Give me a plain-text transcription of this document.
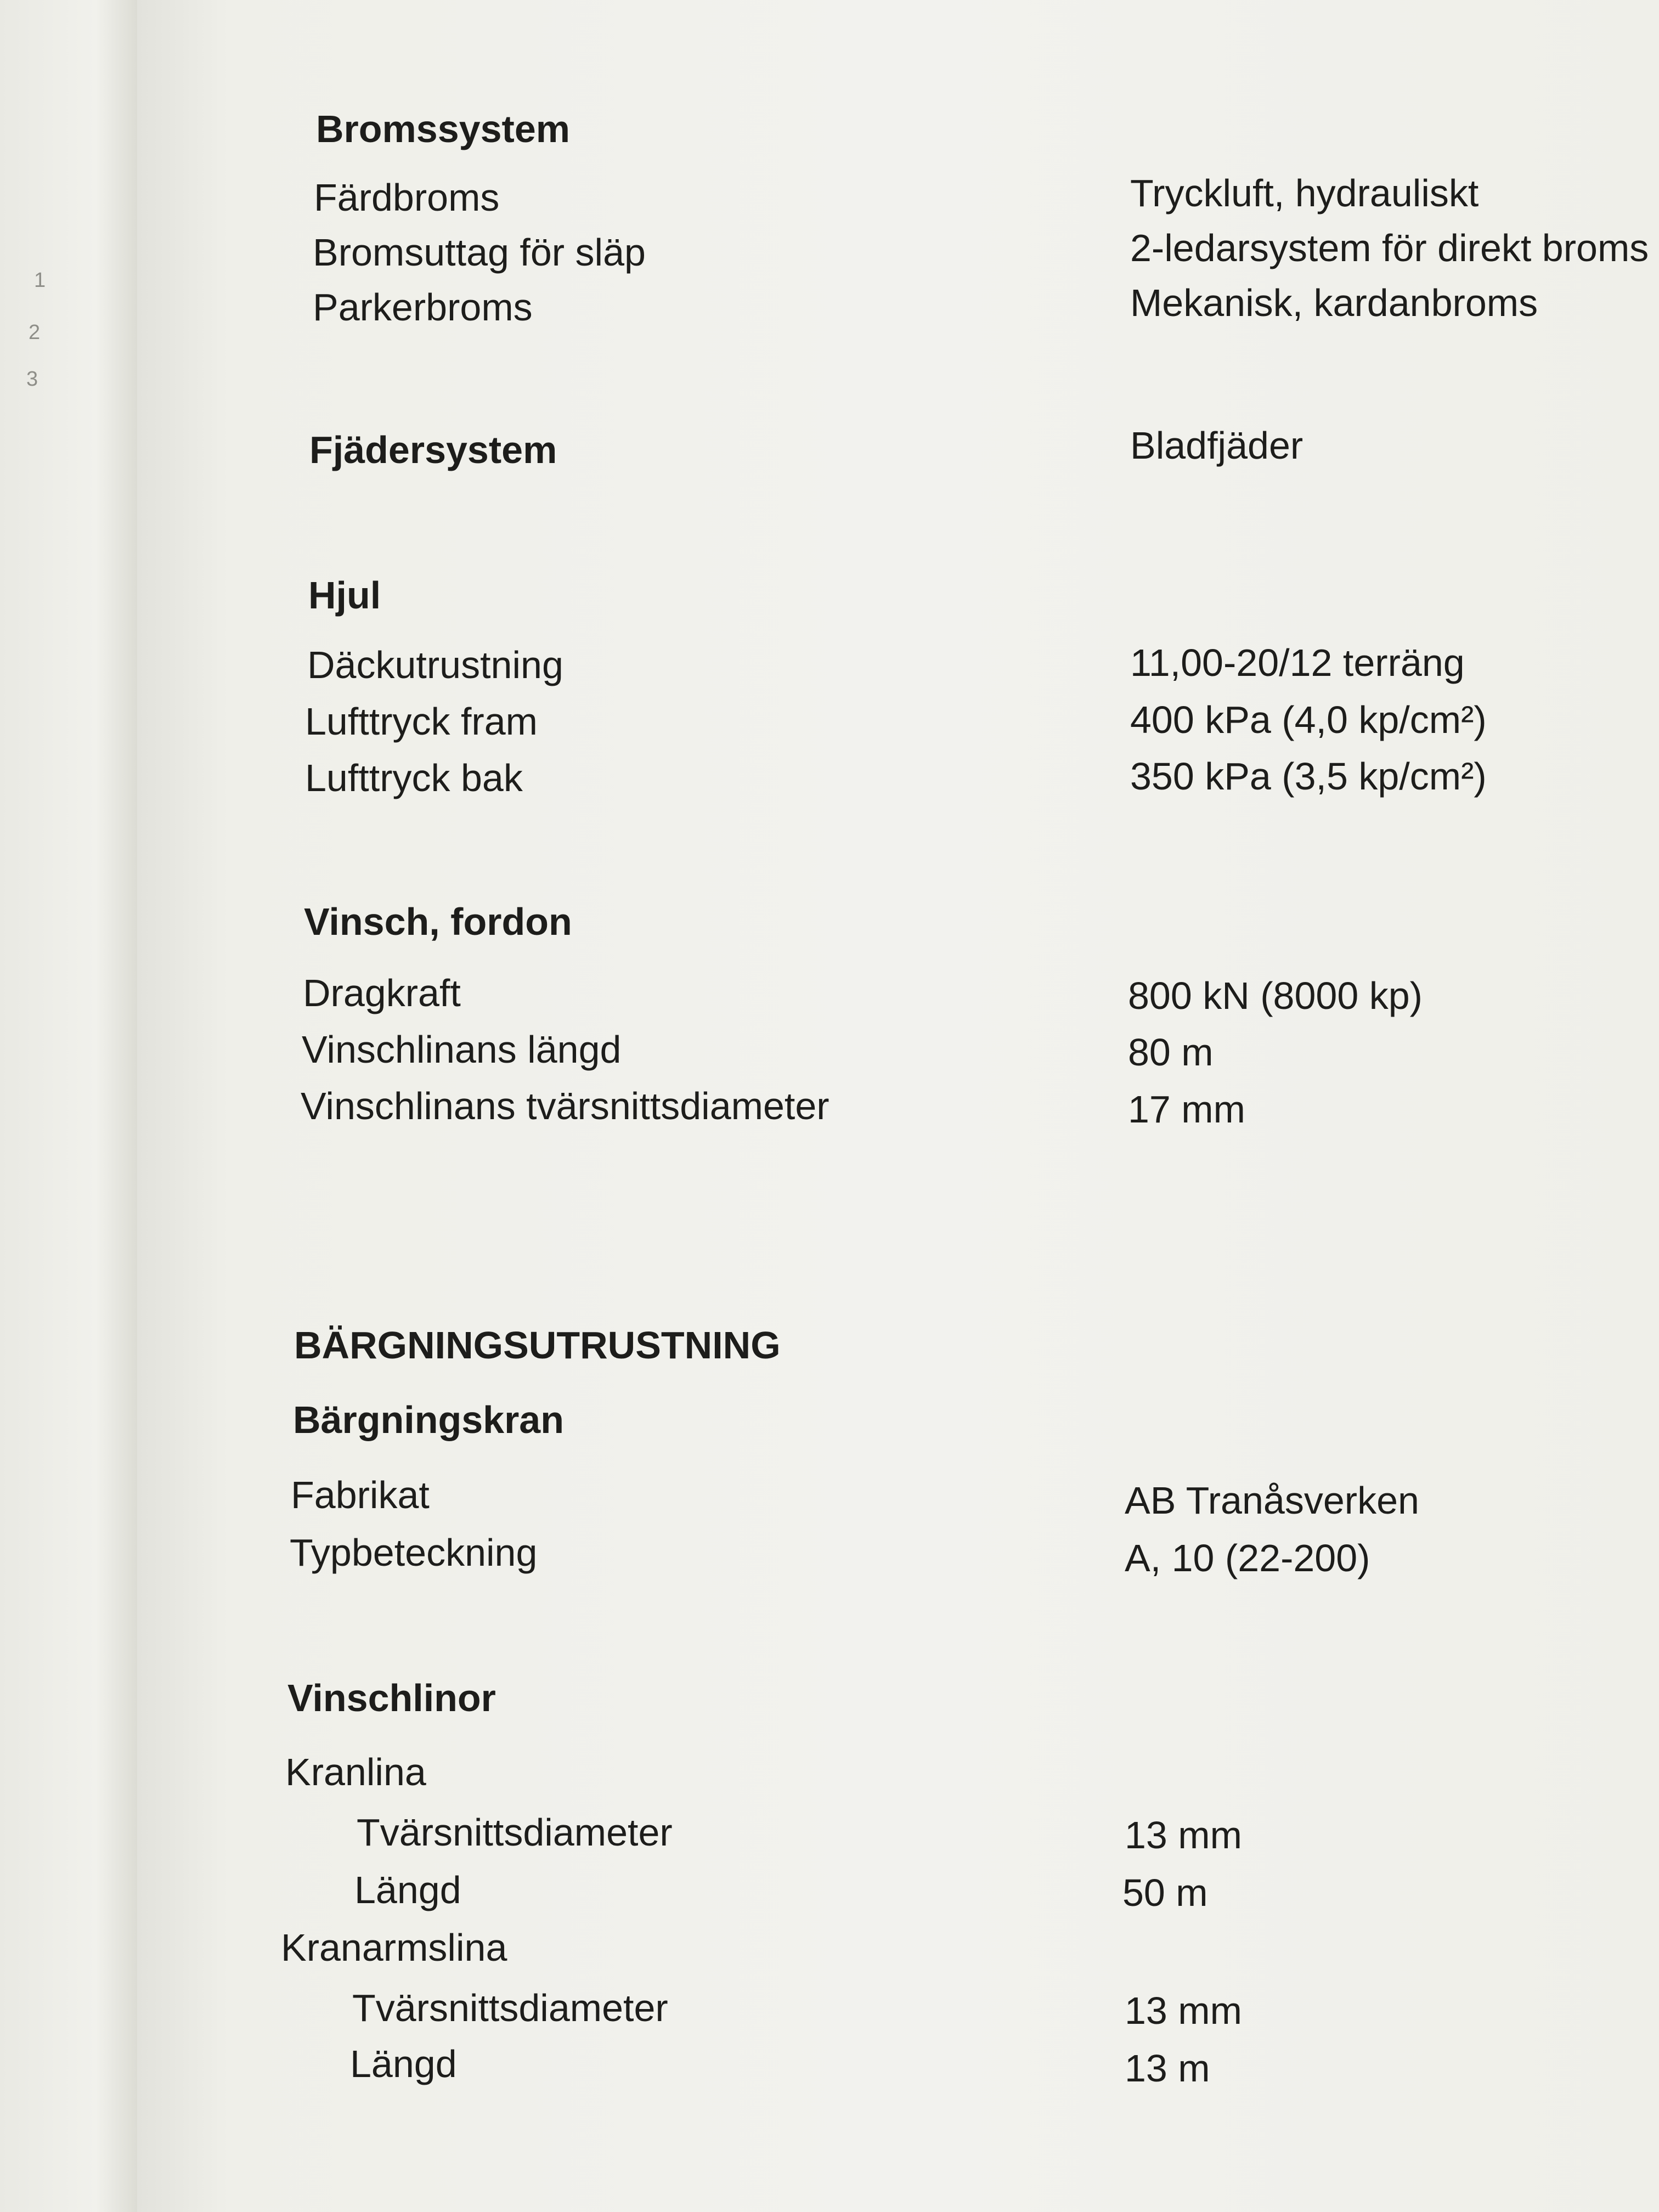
1
2
3
Bromssystem
Färdbroms	Tryckluft, hydrauliskt
Bromsuttag för släp	2-ledarsystem för direkt broms
Parkerbroms	Mekanisk, kardanbroms
Fjädersystem	Bladfjäder
Hjul
Däckutrustning	11,00-20/12 terräng
Lufttryck fram	400 kPa (4,0 kp/cm²)
Lufttryck bak	350 kPa (3,5 kp/cm²)
Vinsch, fordon
Dragkraft	800 kN (8000 kp)
Vinschlinans längd	80 m
Vinschlinans tvärsnittsdiameter	17 mm
BÄRGNINGSUTRUSTNING
Bärgningskran
Fabrikat	AB Tranåsverken
Typbeteckning	A, 10 (22-200)
Vinschlinor
Kranlina
Tvärsnittsdiameter	13 mm
Längd	50 m
Kranarmslina
Tvärsnittsdiameter	13 mm
Längd	13 m
